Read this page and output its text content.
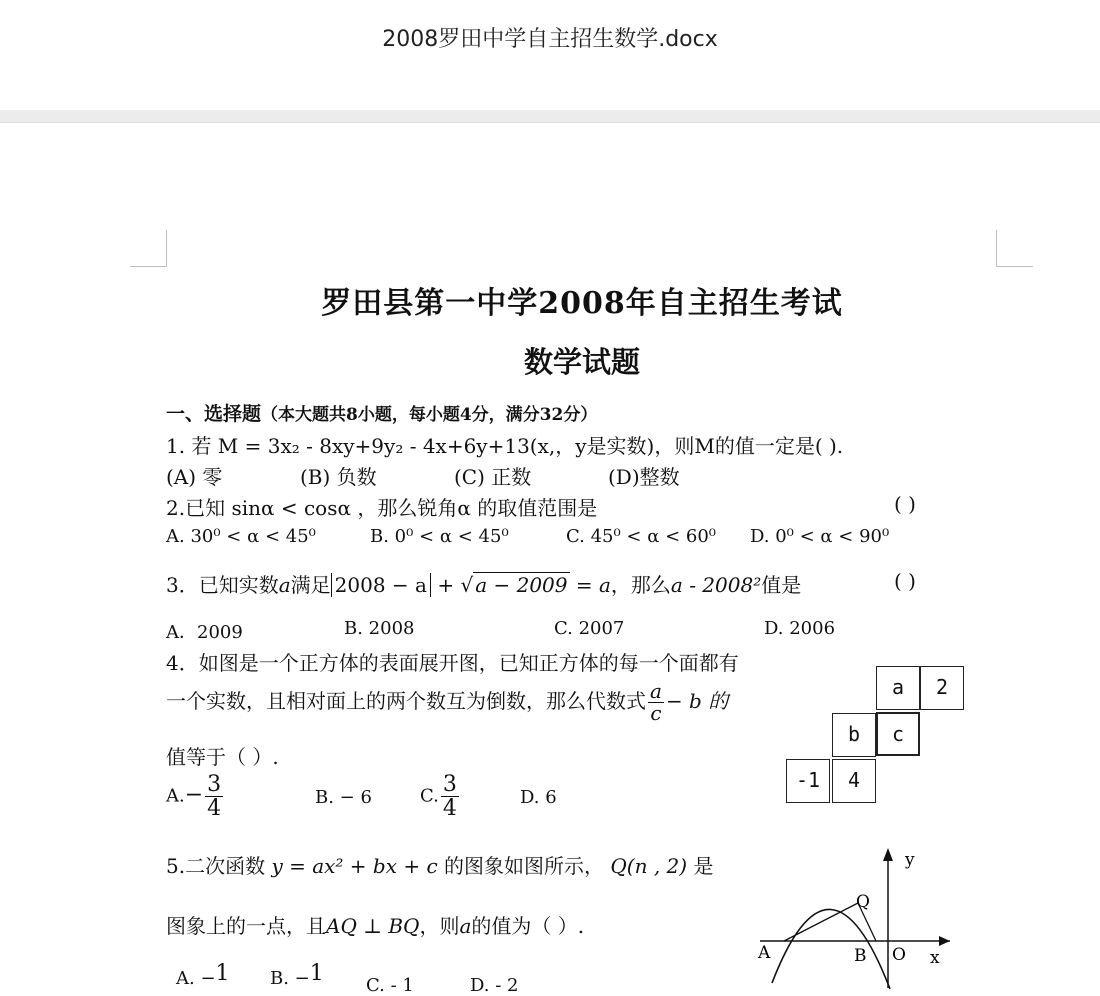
2008罗田中学自主招生数学.docx
罗田县第一中学2008年自主招生考试
数学试题
一、选择题（本大题共8小题，每小题4分，满分32分）
1. 若 M = 3x₂ - 8xy+9y₂ - 4x+6y+13(x,，y是实数)，则M的值一定是( ).
(A) 零	(B) 负数	(C) 正数	(D)整数
2.已知 sinα < cosα ，那么锐角α 的取值范围是	( )
A. 30⁰ < α < 45⁰	B. 0⁰ < α < 45⁰	C. 45⁰ < α < 60⁰ D. 0⁰ < α < 90⁰
3．已知实数a满足 2008 − a + √ a − 2009 = a，那么a - 2008²值是	( )
A．2009	B. 2008	C. 2007	D. 2006
4．如图是一个正方体的表面展开图，已知正方体的每一个面都有
一个实数，且相对面上的两个数互为倒数，那么代数式 $\frac{a}{c} - b$ 的
值等于（ ）.
$A.- \frac{3}{4}$	B. − 6	C. $\frac{3}{4}$	D. 6
a	2
b	c
-1	4
5.二次函数 y = ax² + bx + c 的图象如图所示， Q(n , 2) 是
图象上的一点，且AQ ⊥ BQ，则a的值为（ ）.
A. −1 B. −1 C. - 1	D. - 2
y
x
A	B O
Q
